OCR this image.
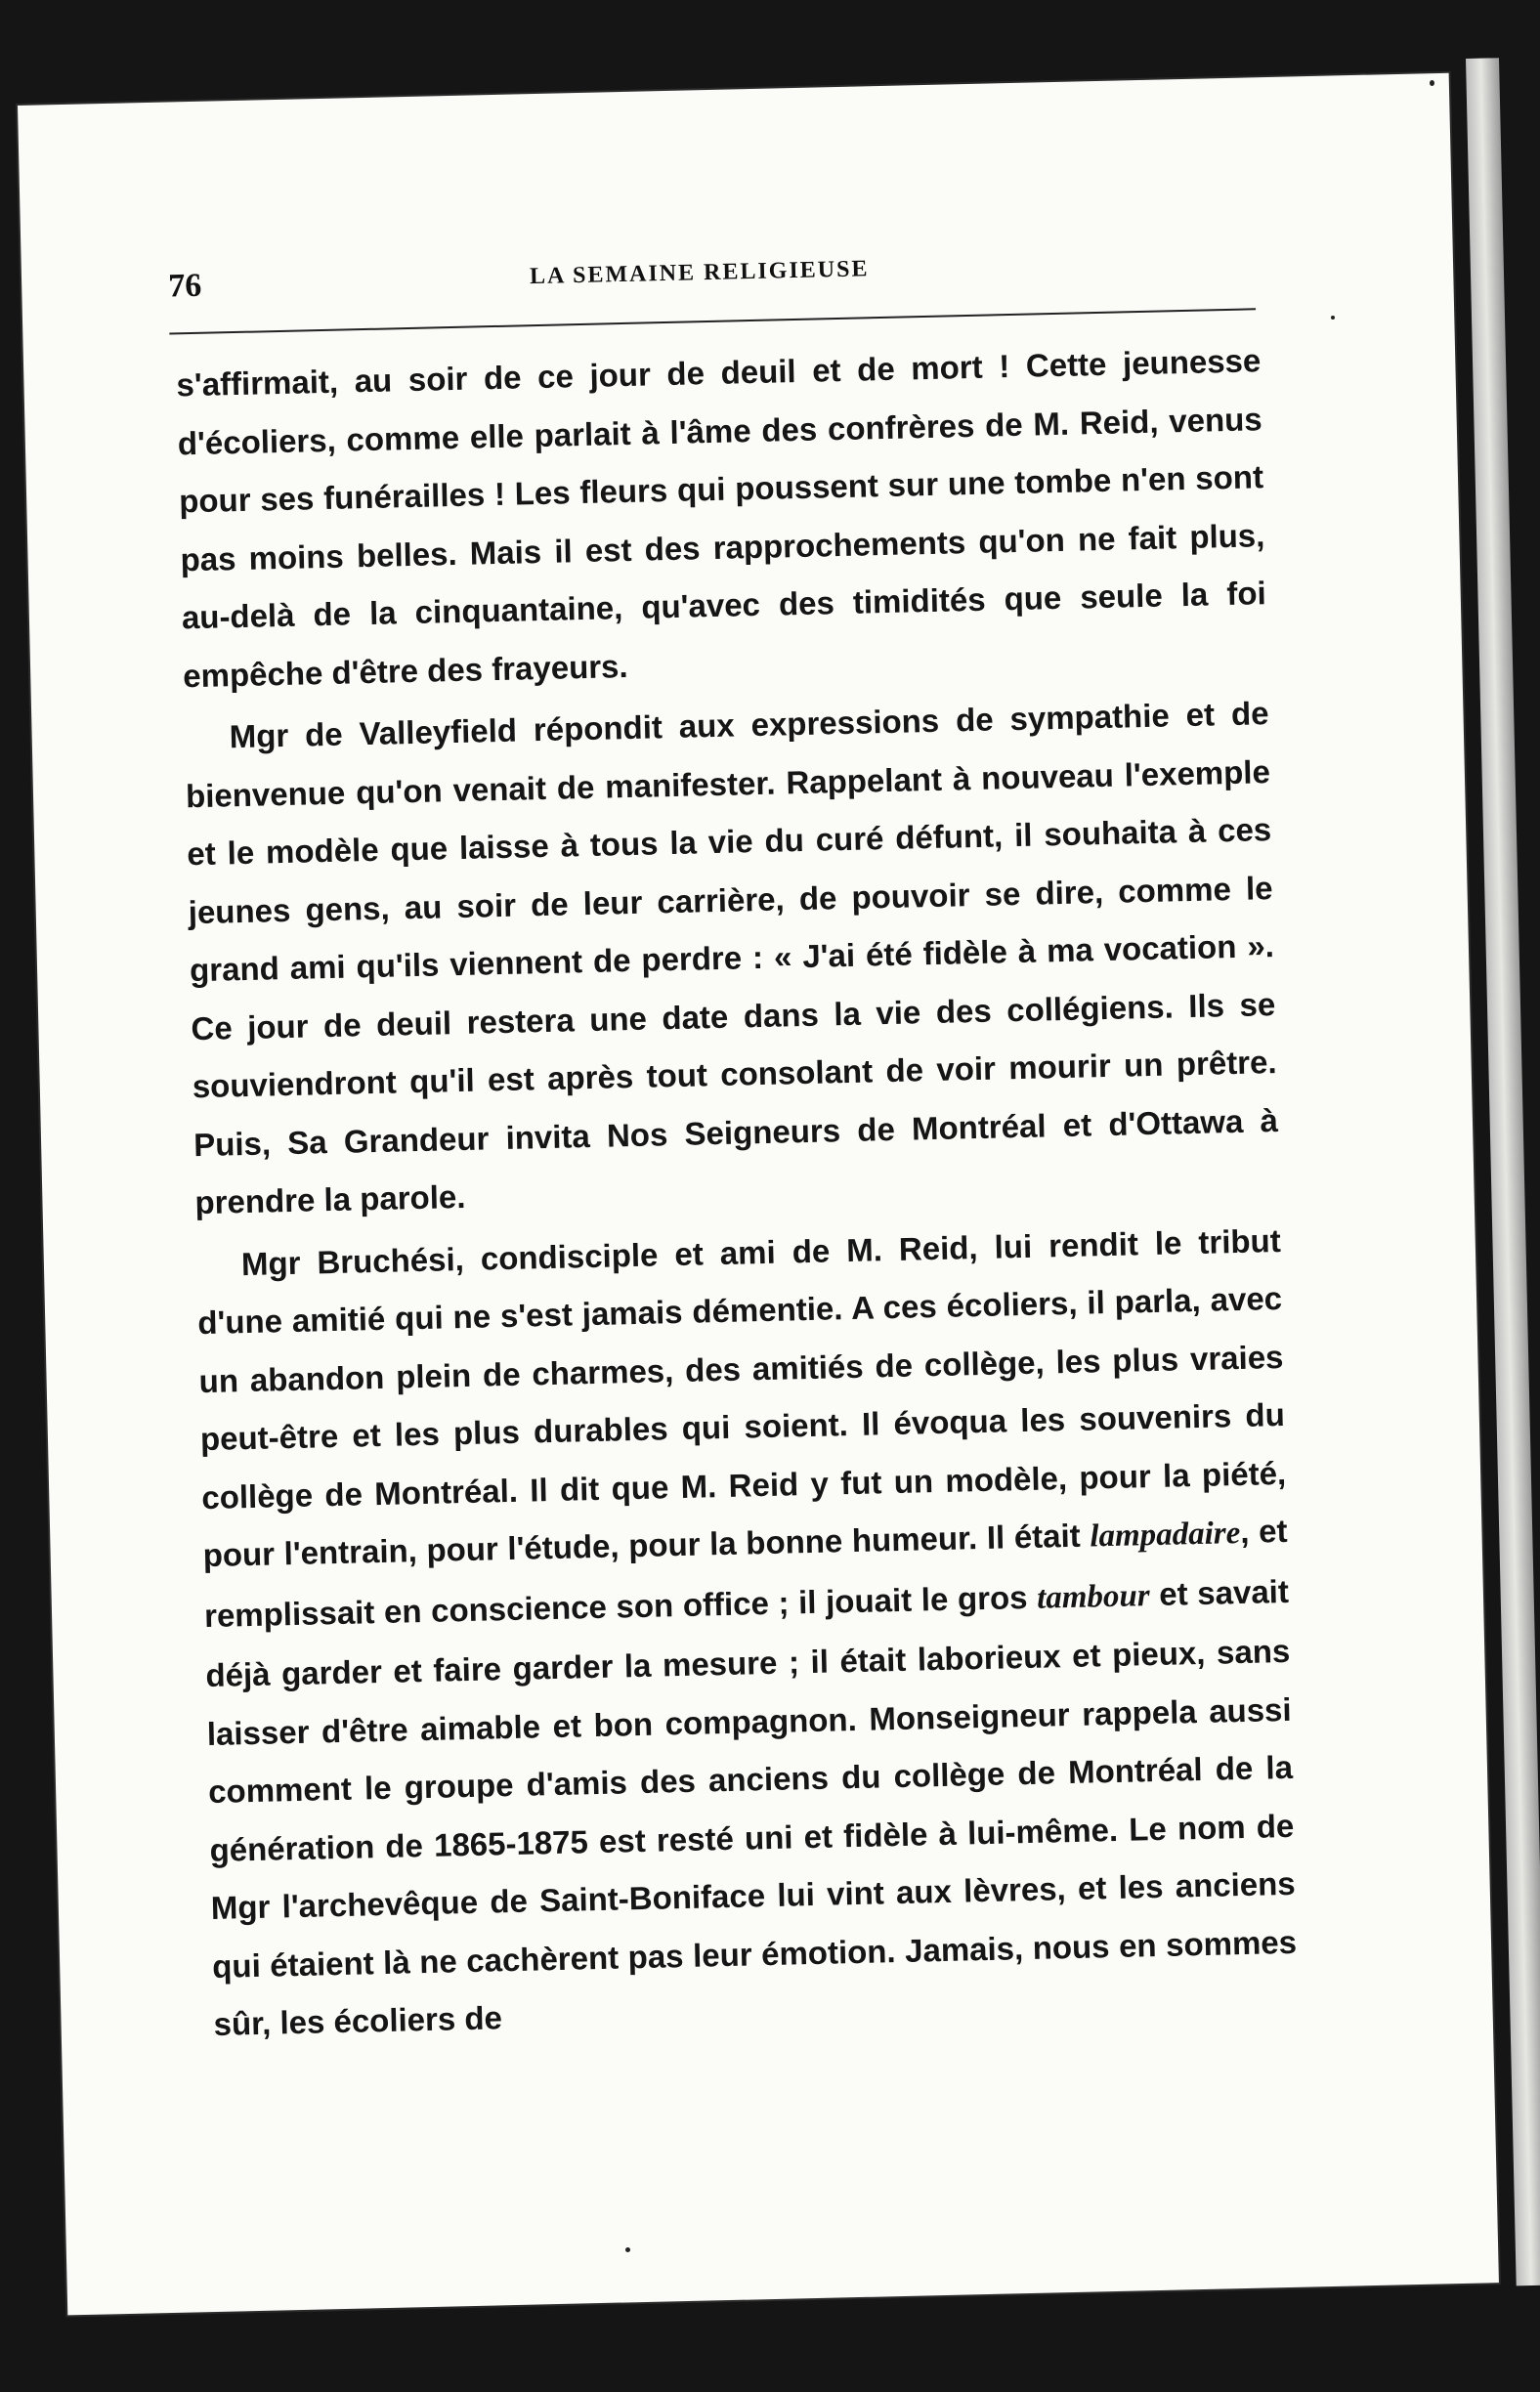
76	LA SEMAINE RELIGIEUSE

s'affirmait, au soir de ce jour de deuil et de mort ! Cette jeunesse d'écoliers, comme elle parlait à l'âme des confrères de M. Reid, venus pour ses funérailles ! Les fleurs qui poussent sur une tombe n'en sont pas moins belles. Mais il est des rapprochements qu'on ne fait plus, au-delà de la cinquantaine, qu'avec des timidités que seule la foi empêche d'être des frayeurs.

Mgr de Valleyfield répondit aux expressions de sympathie et de bienvenue qu'on venait de manifester. Rappelant à nouveau l'exemple et le modèle que laisse à tous la vie du curé défunt, il souhaita à ces jeunes gens, au soir de leur carrière, de pouvoir se dire, comme le grand ami qu'ils viennent de perdre : « J'ai été fidèle à ma vocation ». Ce jour de deuil restera une date dans la vie des collégiens. Ils se souviendront qu'il est après tout consolant de voir mourir un prêtre. Puis, Sa Grandeur invita Nos Seigneurs de Montréal et d'Ottawa à prendre la parole.

Mgr Bruchési, condisciple et ami de M. Reid, lui rendit le tribut d'une amitié qui ne s'est jamais démentie. A ces écoliers, il parla, avec un abandon plein de charmes, des amitiés de collège, les plus vraies peut-être et les plus durables qui soient. Il évoqua les souvenirs du collège de Montréal. Il dit que M. Reid y fut un modèle, pour la piété, pour l'entrain, pour l'étude, pour la bonne humeur. Il était lampadaire, et remplissait en conscience son office ; il jouait le gros tambour et savait déjà garder et faire garder la mesure ; il était laborieux et pieux, sans laisser d'être aimable et bon compagnon. Monseigneur rappela aussi comment le groupe d'amis des anciens du collège de Montréal de la génération de 1865-1875 est resté uni et fidèle à lui-même. Le nom de Mgr l'archevêque de Saint-Boniface lui vint aux lèvres, et les anciens qui étaient là ne cachèrent pas leur émotion. Jamais, nous en sommes sûr, les écoliers de
